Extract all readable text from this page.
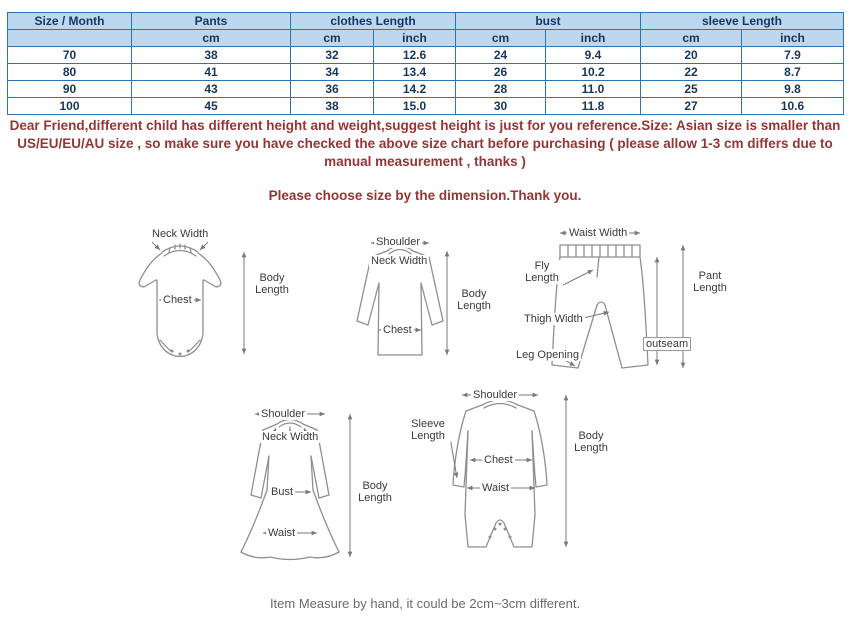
Size / Month	Pants	clothes Length		bust		sleeve Length	
	cm	cm	inch	cm	inch	cm	inch
70	38	32	12.6	24	9.4	20	7.9
80	41	34	13.4	26	10.2	22	8.7
90	43	36	14.2	28	11.0	25	9.8
100	45	38	15.0	30	11.8	27	10.6
Dear Friend,different child has different height and weight,suggest height is just for you reference.Size: Asian size is smaller than US/EU/EU/AU size , so make sure you have checked the above size chart before purchasing ( please allow 1-3 cm differs due to manual measurement , thanks )
Please choose size by the dimension.Thank you.
Neck Width
Chest
Body Length
Shoulder
Neck Width
Chest
Body Length
Waist Width
Fly Length
Thigh Width
Leg Opening
outseam
Pant Length
Shoulder
Neck Width
Bust
Waist
Body Length
Shoulder
Sleeve Length
Chest
Waist
Body Length
Item Measure by hand, it could be 2cm~3cm different.
